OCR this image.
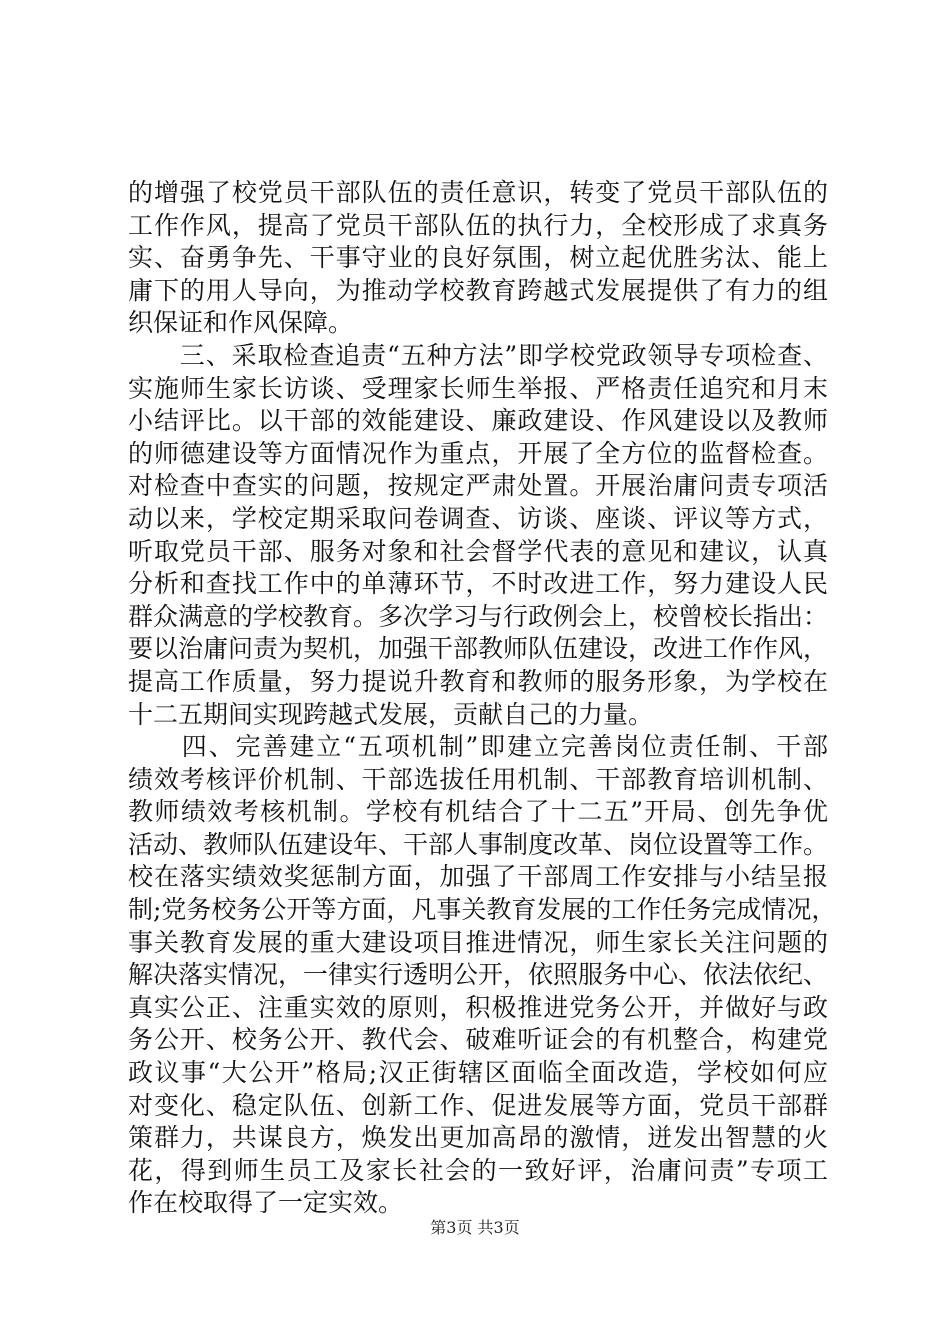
的增强了校党员干部队伍的责任意识，转变了党员干部队伍的
工作作风，提高了党员干部队伍的执行力，全校形成了求真务
实、奋勇争先、干事守业的良好氛围，树立起优胜劣汰、能上
庸下的用人导向，为推动学校教育跨越式发展提供了有力的组
织保证和作风保障。
　　三、采取检查追责“五种方法”即学校党政领导专项检查、
实施师生家长访谈、受理家长师生举报、严格责任追究和月末
小结评比。以干部的效能建设、廉政建设、作风建设以及教师
的师德建设等方面情况作为重点，开展了全方位的监督检查。
对检查中查实的问题，按规定严肃处置。开展治庸问责专项活
动以来，学校定期采取问卷调查、访谈、座谈、评议等方式，
听取党员干部、服务对象和社会督学代表的意见和建议，认真
分析和查找工作中的单薄环节，不时改进工作，努力建设人民
群众满意的学校教育。多次学习与行政例会上，校曾校长指出：
要以治庸问责为契机，加强干部教师队伍建设，改进工作作风，
提高工作质量，努力提说升教育和教师的服务形象，为学校在
十二五期间实现跨越式发展，贡献自己的力量。
　　四、完善建立“五项机制”即建立完善岗位责任制、干部
绩效考核评价机制、干部选拔任用机制、干部教育培训机制、
教师绩效考核机制。学校有机结合了十二五”开局、创先争优
活动、教师队伍建设年、干部人事制度改革、岗位设置等工作。
校在落实绩效奖惩制方面，加强了干部周工作安排与小结呈报
制;党务校务公开等方面，凡事关教育发展的工作任务完成情况，
事关教育发展的重大建设项目推进情况，师生家长关注问题的
解决落实情况，一律实行透明公开，依照服务中心、依法依纪、
真实公正、注重实效的原则，积极推进党务公开，并做好与政
务公开、校务公开、教代会、破难听证会的有机整合，构建党
政议事“大公开”格局;汉正街辖区面临全面改造，学校如何应
对变化、稳定队伍、创新工作、促进发展等方面，党员干部群
策群力，共谋良方，焕发出更加高昂的激情，迸发出智慧的火
花，得到师生员工及家长社会的一致好评，治庸问责”专项工
作在校取得了一定实效。
第3页 共3页
